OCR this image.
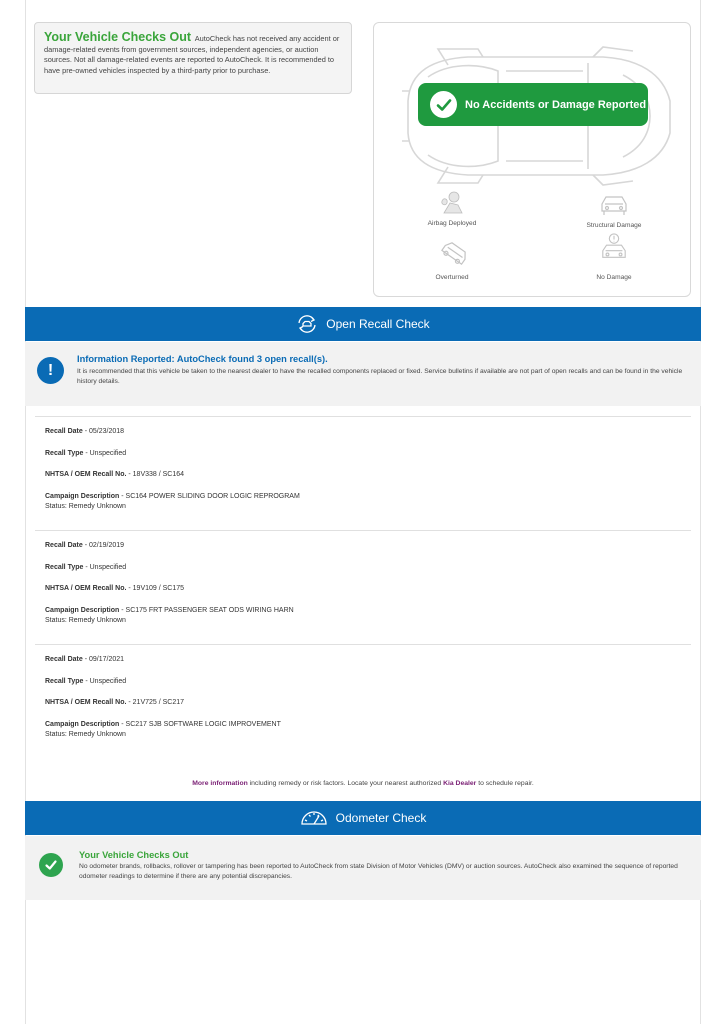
Your Vehicle Checks Out AutoCheck has not received any accident or damage-related events from government sources, independent agencies, or auction sources. Not all damage-related events are reported to AutoCheck. It is recommended to have pre-owned vehicles inspected by a third-party prior to purchase.
No Accidents or Damage Reported
Airbag Deployed	Structural Damage
Overturned	No Damage
Open Recall Check
!
Information Reported: AutoCheck found 3 open recall(s).
It is recommended that this vehicle be taken to the nearest dealer to have the recalled components replaced or fixed. Service bulletins if available are not part of open recalls and can be found in the vehicle history details.
Recall Date - 05/23/2018
Recall Type - Unspecified
NHTSA / OEM Recall No. - 18V338 / SC164
Campaign Description - SC164 POWER SLIDING DOOR LOGIC REPROGRAM
Status: Remedy Unknown
Recall Date - 02/19/2019
Recall Type - Unspecified
NHTSA / OEM Recall No. - 19V109 / SC175
Campaign Description - SC175 FRT PASSENGER SEAT ODS WIRING HARN
Status: Remedy Unknown
Recall Date - 09/17/2021
Recall Type - Unspecified
NHTSA / OEM Recall No. - 21V725 / SC217
Campaign Description - SC217 SJB SOFTWARE LOGIC IMPROVEMENT
Status: Remedy Unknown
More information including remedy or risk factors. Locate your nearest authorized Kia Dealer to schedule repair.
Odometer Check
Your Vehicle Checks Out
No odometer brands, rollbacks, rollover or tampering has been reported to AutoCheck from state Division of Motor Vehicles (DMV) or auction sources. AutoCheck also examined the sequence of reported odometer readings to determine if there are any potential discrepancies.
